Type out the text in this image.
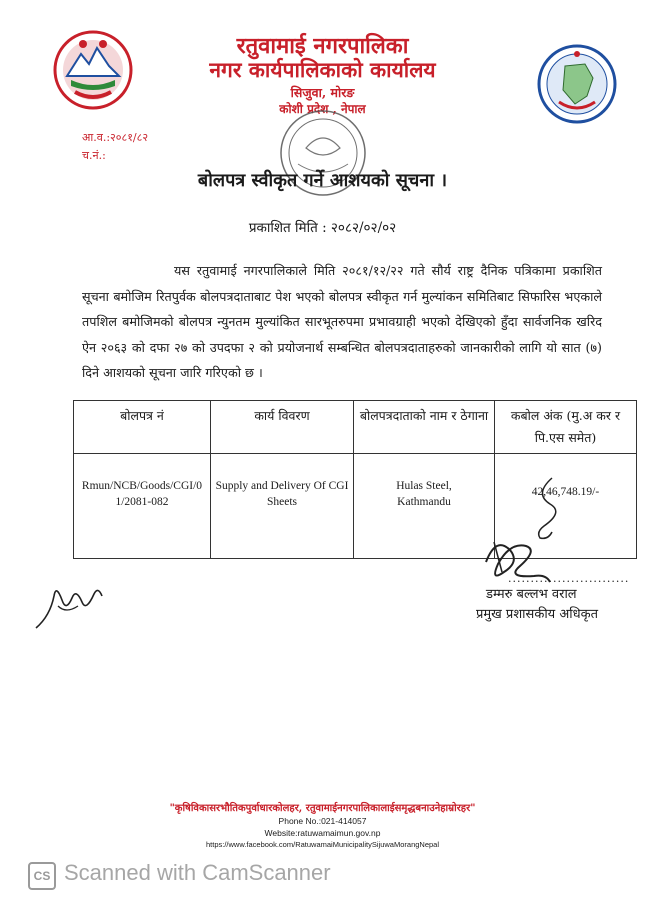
रतुवामाई नगरपालिका
नगर कार्यपालिकाको कार्यालय
सिजुवा, मोरङ
कोशी प्रदेश , नेपाल
आ.व.:२०८१/८२
च.नं.:
बोलपत्र स्वीकृत गर्ने आशयको सूचना ।
प्रकाशित मिति : २०८२/०२/०२
यस रतुवामाई नगरपालिकाले मिति २०८१/१२/२२ गते सौर्य राष्ट्र दैनिक पत्रिकामा प्रकाशित सूचना बमोजिम रितपुर्वक बोलपत्रदाताबाट पेश भएको बोलपत्र स्वीकृत गर्न मुल्यांकन समितिबाट सिफारिस भएकाले तपशिल बमोजिमको बोलपत्र न्युनतम मुल्यांकित सारभूतरुपमा प्रभावग्राही भएको देखिएको हुँदा सार्वजनिक खरिद ऐन २०६३ को दफा २७ को उपदफा २ को प्रयोजनार्थ सम्बन्धित बोलपत्रदाताहरुको जानकारीको लागि यो सात (७) दिने आशयको सूचना जारि गरिएको छ ।
बोलपत्र नं	कार्य विवरण	बोलपत्रदाताको नाम र ठेगाना	कबोल अंक (मु.अ कर र पि.एस समेत)
Rmun/NCB/Goods/CGI/01/2081-082	Supply and Delivery Of CGI Sheets	Hulas Steel, Kathmandu	42,46,748.19/-
...........................
डम्मरु बल्लभ वराल
प्रमुख प्रशासकीय अधिकृत
"कृषिविकासरभौतिकपुर्वाधारकोलहर, रतुवामाईनगरपालिकालाईसमृद्धबनाउनेहाम्रोरहर"
Phone No.:021-414057
Website:ratuwamaimun.gov.np
https://www.facebook.com/RatuwamaiMunicipalitySijuwaMorangNepal
CS Scanned with CamScanner
